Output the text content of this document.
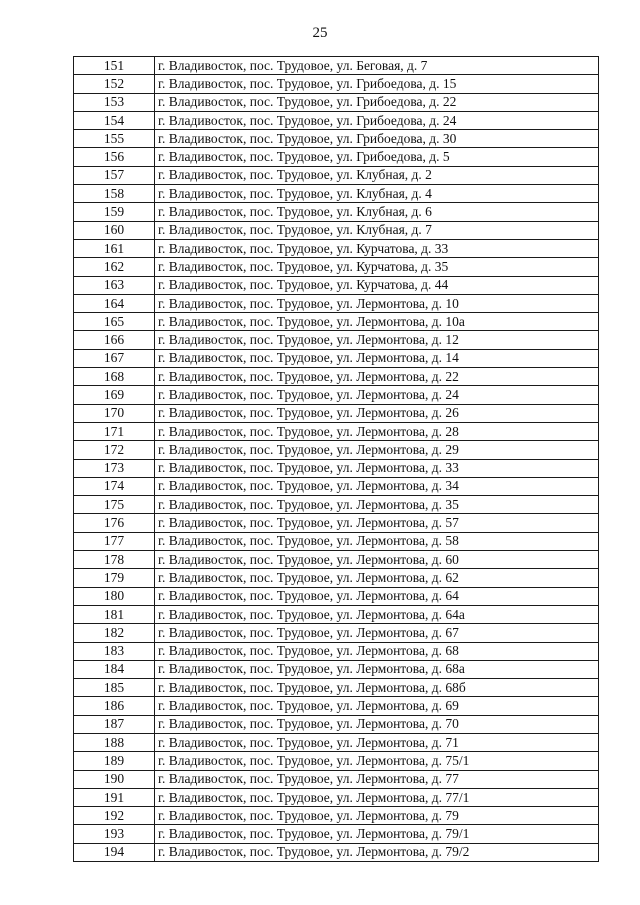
25
151	г. Владивосток, пос. Трудовое, ул. Беговая, д. 7
152	г. Владивосток, пос. Трудовое, ул. Грибоедова, д. 15
153	г. Владивосток, пос. Трудовое, ул. Грибоедова, д. 22
154	г. Владивосток, пос. Трудовое, ул. Грибоедова, д. 24
155	г. Владивосток, пос. Трудовое, ул. Грибоедова, д. 30
156	г. Владивосток, пос. Трудовое, ул. Грибоедова, д. 5
157	г. Владивосток, пос. Трудовое, ул. Клубная, д. 2
158	г. Владивосток, пос. Трудовое, ул. Клубная, д. 4
159	г. Владивосток, пос. Трудовое, ул. Клубная, д. 6
160	г. Владивосток, пос. Трудовое, ул. Клубная, д. 7
161	г. Владивосток, пос. Трудовое, ул. Курчатова, д. 33
162	г. Владивосток, пос. Трудовое, ул. Курчатова, д. 35
163	г. Владивосток, пос. Трудовое, ул. Курчатова, д. 44
164	г. Владивосток, пос. Трудовое, ул. Лермонтова, д. 10
165	г. Владивосток, пос. Трудовое, ул. Лермонтова, д. 10а
166	г. Владивосток, пос. Трудовое, ул. Лермонтова, д. 12
167	г. Владивосток, пос. Трудовое, ул. Лермонтова, д. 14
168	г. Владивосток, пос. Трудовое, ул. Лермонтова, д. 22
169	г. Владивосток, пос. Трудовое, ул. Лермонтова, д. 24
170	г. Владивосток, пос. Трудовое, ул. Лермонтова, д. 26
171	г. Владивосток, пос. Трудовое, ул. Лермонтова, д. 28
172	г. Владивосток, пос. Трудовое, ул. Лермонтова, д. 29
173	г. Владивосток, пос. Трудовое, ул. Лермонтова, д. 33
174	г. Владивосток, пос. Трудовое, ул. Лермонтова, д. 34
175	г. Владивосток, пос. Трудовое, ул. Лермонтова, д. 35
176	г. Владивосток, пос. Трудовое, ул. Лермонтова, д. 57
177	г. Владивосток, пос. Трудовое, ул. Лермонтова, д. 58
178	г. Владивосток, пос. Трудовое, ул. Лермонтова, д. 60
179	г. Владивосток, пос. Трудовое, ул. Лермонтова, д. 62
180	г. Владивосток, пос. Трудовое, ул. Лермонтова, д. 64
181	г. Владивосток, пос. Трудовое, ул. Лермонтова, д. 64а
182	г. Владивосток, пос. Трудовое, ул. Лермонтова, д. 67
183	г. Владивосток, пос. Трудовое, ул. Лермонтова, д. 68
184	г. Владивосток, пос. Трудовое, ул. Лермонтова, д. 68а
185	г. Владивосток, пос. Трудовое, ул. Лермонтова, д. 68б
186	г. Владивосток, пос. Трудовое, ул. Лермонтова, д. 69
187	г. Владивосток, пос. Трудовое, ул. Лермонтова, д. 70
188	г. Владивосток, пос. Трудовое, ул. Лермонтова, д. 71
189	г. Владивосток, пос. Трудовое, ул. Лермонтова, д. 75/1
190	г. Владивосток, пос. Трудовое, ул. Лермонтова, д. 77
191	г. Владивосток, пос. Трудовое, ул. Лермонтова, д. 77/1
192	г. Владивосток, пос. Трудовое, ул. Лермонтова, д. 79
193	г. Владивосток, пос. Трудовое, ул. Лермонтова, д. 79/1
194	г. Владивосток, пос. Трудовое, ул. Лермонтова, д. 79/2
